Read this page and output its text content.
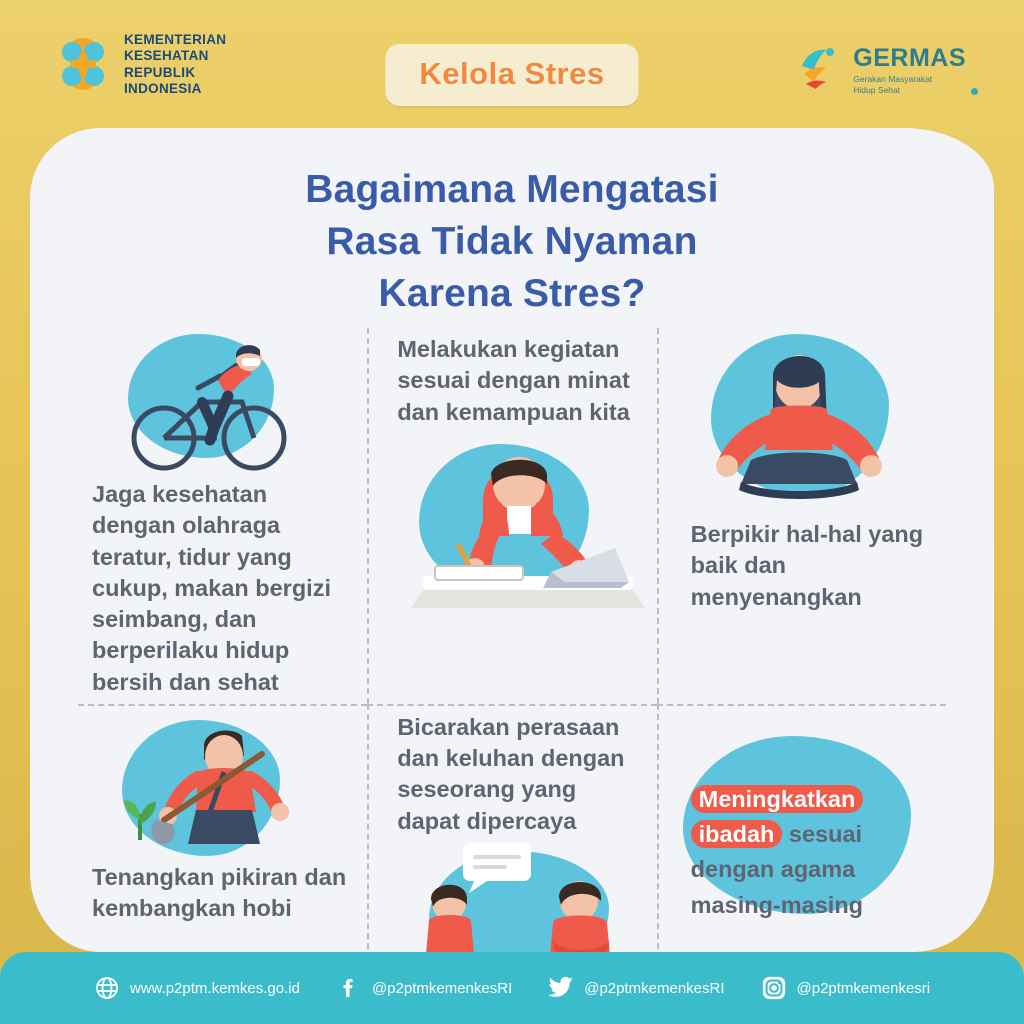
KEMENTERIAN
KESEHATAN
REPUBLIK
INDONESIA	Kelola Stres	GERMAS
Gerakan Masyarakat
Hidup Sehat
Bagaimana Mengatasi
Rasa Tidak Nyaman
Karena Stres?
Jaga kesehatan dengan olahraga teratur, tidur yang cukup, makan bergizi seimbang, dan berperilaku hidup bersih dan sehat
Melakukan kegiatan sesuai dengan minat dan kemampuan kita
Berpikir hal-hal yang baik dan menyenangkan
Tenangkan pikiran dan kembangkan hobi
Bicarakan perasaan dan keluhan dengan seseorang yang dapat dipercaya
Meningkatkan ibadah sesuai dengan agama masing-masing
www.p2ptm.kemkes.go.id	@p2ptmkemenkesRI	@p2ptmkemenkesRI	@p2ptmkemenkesri
